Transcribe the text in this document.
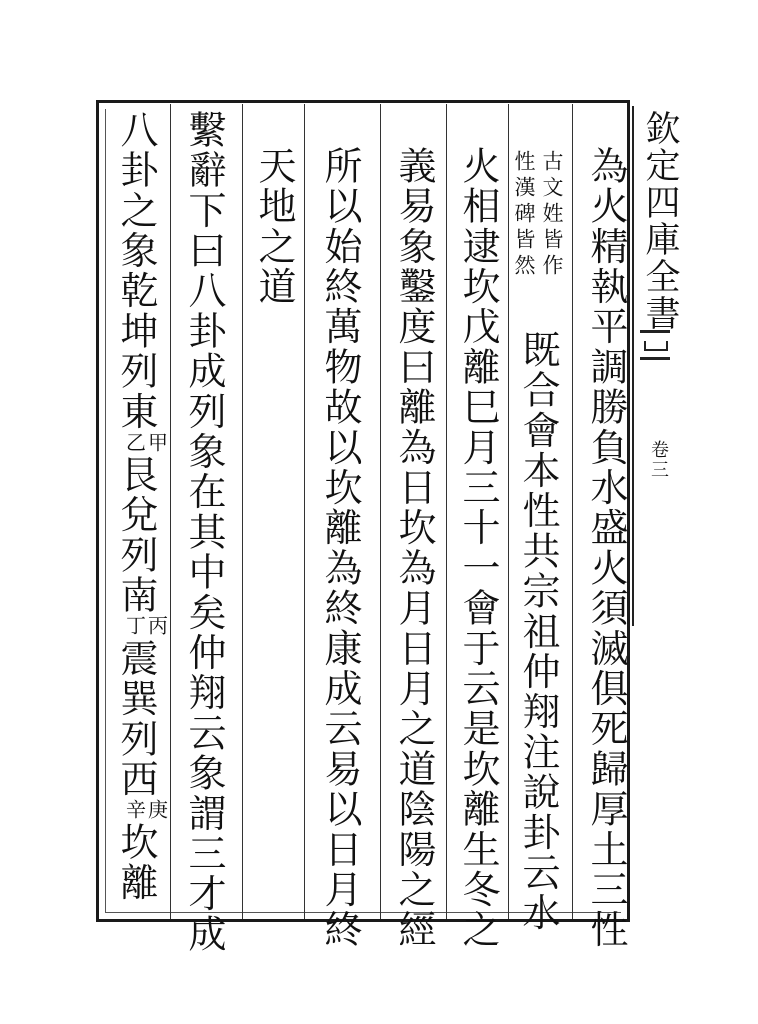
欽定四庫全書
卷三
為火精執平調勝負水盛火須滅俱死歸厚土三性
古文姓皆作
性漢碑皆然
既合會本性共宗祖仲翔注說卦云水
火相逮坎戊離巳月三十一會于云是坎離生冬之
義易象鑿度曰離為日坎為月日月之道陰陽之經
所以始終萬物故以坎離為終康成云易以日月終
天地之道
繫辭下曰八卦成列象在其中矣仲翔云象謂三才成
八卦之象乾坤列東
甲
乙
艮兌列南
丙
丁
震巽列西
庚
辛
坎離
